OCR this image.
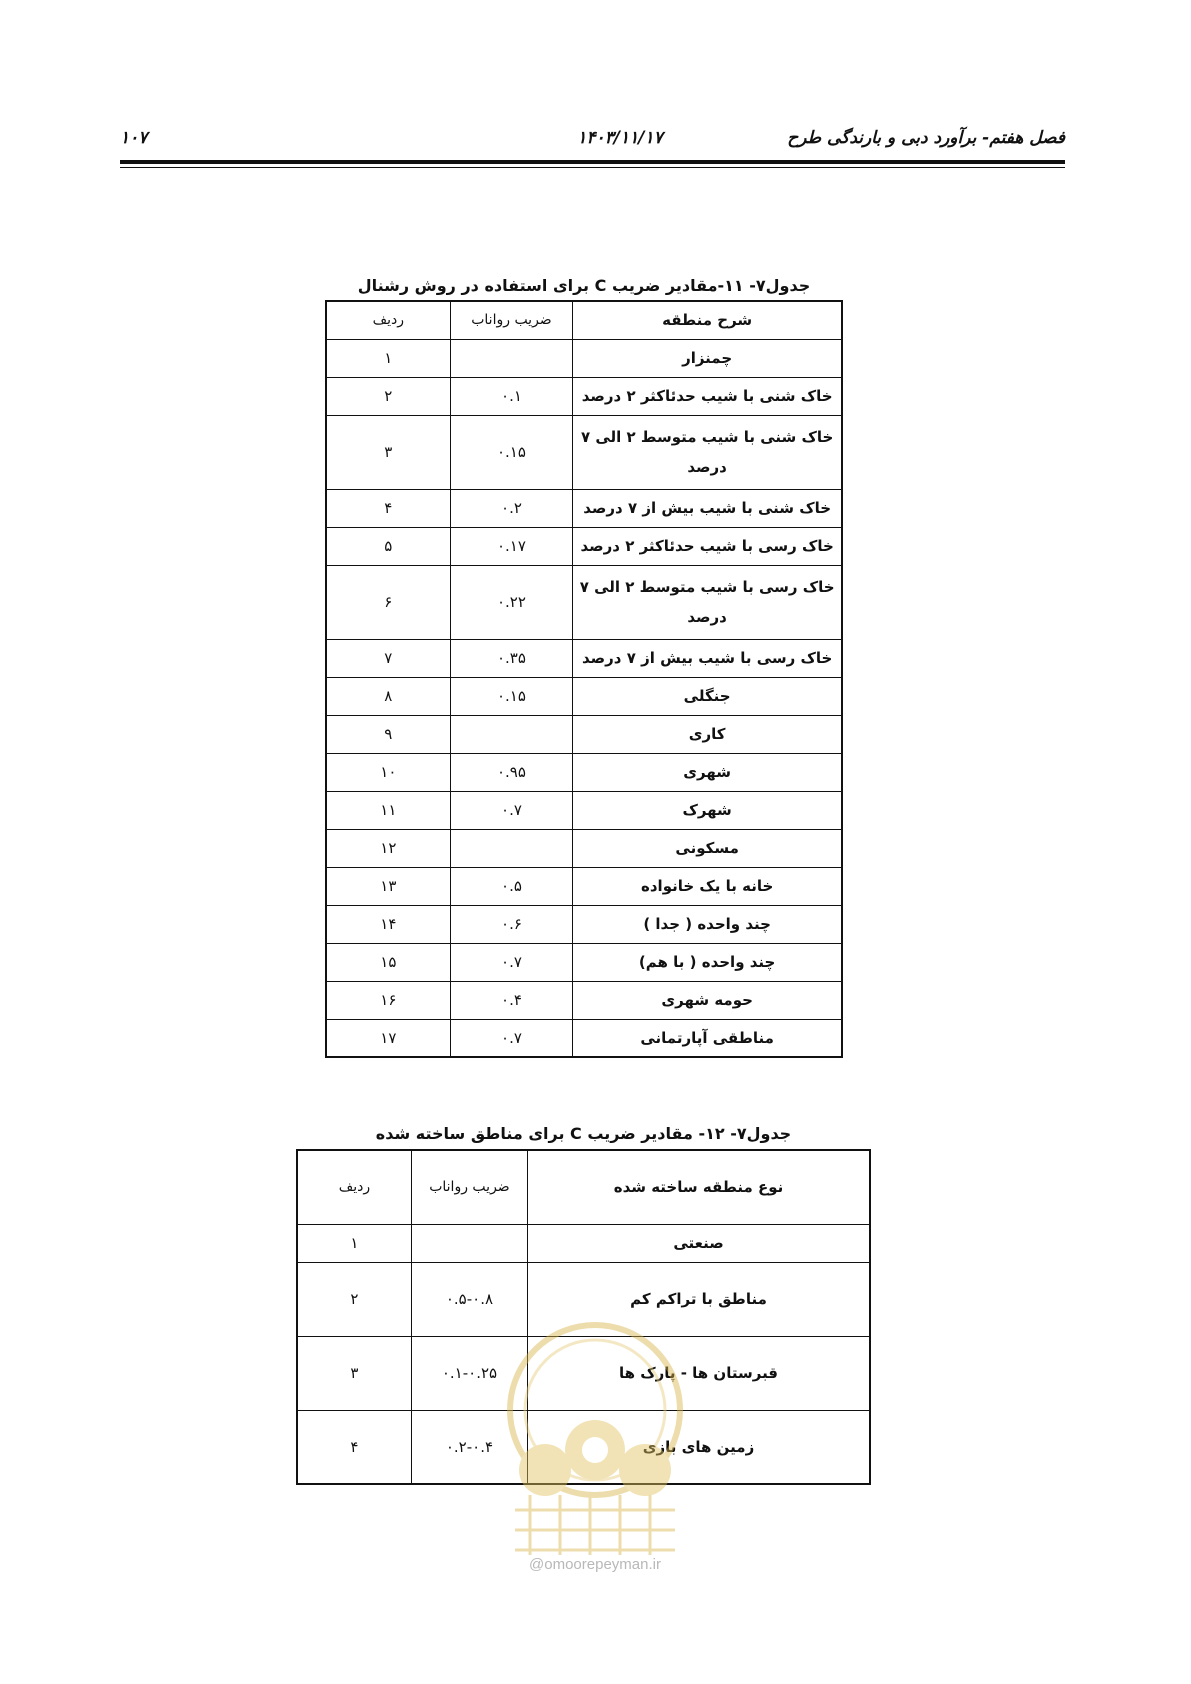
فصل هفتم- برآورد دبی و بارندگی طرح
۱۴۰۳/۱۱/۱۷
۱۰۷
جدول۷- ۱۱-مقادیر ضریب C برای استفاده در روش رشنال
شرح منطقه	ضریب رواناب	ردیف
چمنزار		۱
خاک شنی با شیب حدئاکثر ۲ درصد	۰.۱	۲
خاک شنی با شیب متوسط ۲ الی ۷ درصد	۰.۱۵	۳
خاک شنی با شیب بیش از ۷ درصد	۰.۲	۴
خاک رسی با شیب حدئاکثر ۲ درصد	۰.۱۷	۵
خاک رسی با شیب متوسط ۲ الی ۷ درصد	۰.۲۲	۶
خاک رسی با شیب بیش از ۷ درصد	۰.۳۵	۷
جنگلی	۰.۱۵	۸
کاری		۹
شهری	۰.۹۵	۱۰
شهرک	۰.۷	۱۱
مسکونی		۱۲
خانه با یک خانواده	۰.۵	۱۳
چند واحده ( جدا )	۰.۶	۱۴
چند واحده ( با هم)	۰.۷	۱۵
حومه شهری	۰.۴	۱۶
مناطقی آپارتمانی	۰.۷	۱۷
جدول۷- ۱۲- مقادیر ضریب C برای مناطق ساخته شده
نوع منطقه ساخته شده	ضریب رواناب	ردیف
صنعتی		۱
مناطق با تراکم کم	۰.۵-۰.۸	۲
قبرستان ها - پارک ها	۰.۱-۰.۲۵	۳
زمین های بازی	۰.۲-۰.۴	۴
@omoorepeyman.ir
